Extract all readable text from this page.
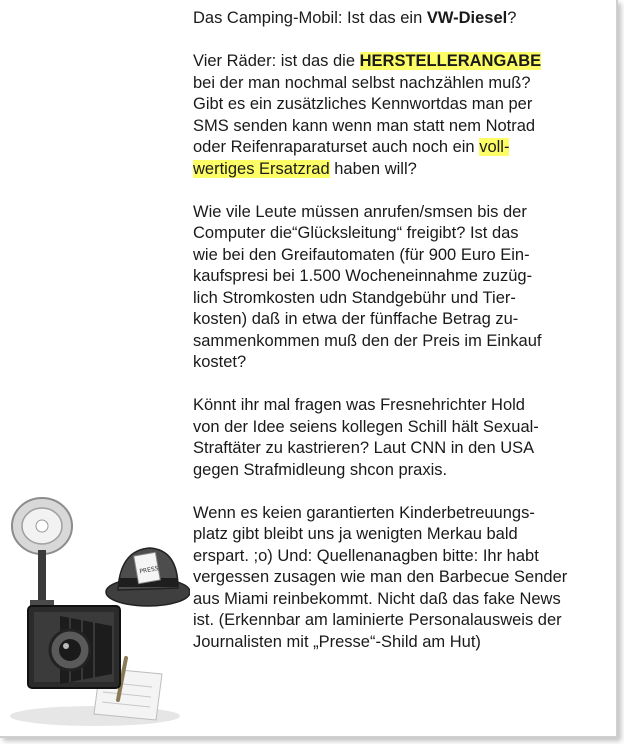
Das Camping-Mobil: Ist das ein VW-Diesel?
Vier Räder: ist das die HERSTELLERANGABE
bei der man nochmal selbst nachzählen muß?
Gibt es ein zusätzliches Kennwortdas man per
SMS senden kann wenn man statt nem Notrad
oder Reifenraparaturset auch noch ein voll-
wertiges Ersatzrad haben will?
Wie vile Leute müssen anrufen/smsen bis der
Computer die“Glücksleitung“ freigibt? Ist das
wie bei den Greifautomaten (für 900 Euro Ein-
kaufspresi bei 1.500 Wocheneinnahme zuzüg-
lich Stromkosten udn Standgebühr und Tier-
kosten) daß in etwa der fünffache Betrag zu-
sammenkommen muß den der Preis im Einkauf
kostet?
Könnt ihr mal fragen was Fresnehrichter Hold
von der Idee seiens kollegen Schill hält Sexual-
Straftäter zu kastrieren? Laut CNN in den USA
gegen Strafmidleung shcon praxis.
Wenn es keien garantierten Kinderbetreuungs-
platz gibt bleibt uns ja wenigten Merkau bald
erspart. ;o) Und: Quellenanagben bitte: Ihr habt
vergessen zusagen wie man den Barbecue Sender
aus Miami reinbekommt. Nicht daß das fake News
ist. (Erkennbar am laminierte Personalausweis der
Journalisten mit „Presse“-Shild am Hut)
PRESS
